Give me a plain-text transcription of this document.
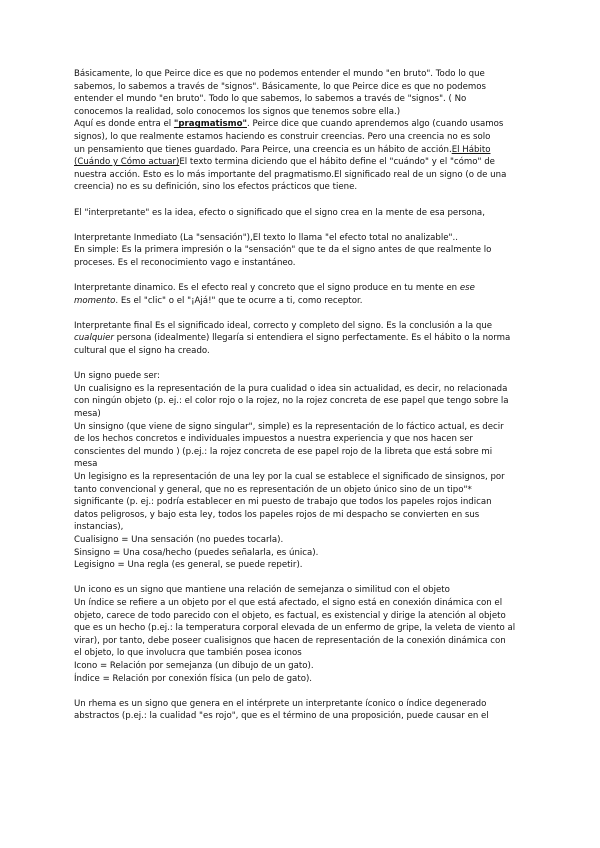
Básicamente, lo que Peirce dice es que no podemos entender el mundo "en bruto". Todo lo que
sabemos, lo sabemos a través de "signos". Básicamente, lo que Peirce dice es que no podemos
entender el mundo "en bruto". Todo lo que sabemos, lo sabemos a través de "signos". ( No
conocemos la realidad, solo conocemos los signos que tenemos sobre ella.)

Aquí es donde entra el "pragmatismo". Peirce dice que cuando aprendemos algo (cuando usamos
signos), lo que realmente estamos haciendo es construir creencias. Pero una creencia no es solo
un pensamiento que tienes guardado. Para Peirce, una creencia es un hábito de acción.El Hábito
(Cuándo y Cómo actuar)El texto termina diciendo que el hábito define el "cuándo" y el "cómo" de
nuestra acción. Esto es lo más importante del pragmatismo.El significado real de un signo (o de una
creencia) no es su definición, sino los efectos prácticos que tiene.

El "interpretante" es la idea, efecto o significado que el signo crea en la mente de esa persona,

Interpretante Inmediato (La "sensación"),El texto lo llama "el efecto total no analizable"..
En simple: Es la primera impresión o la "sensación" que te da el signo antes de que realmente lo
proceses. Es el reconocimiento vago e instantáneo.

Interpretante dinamico. Es el efecto real y concreto que el signo produce en tu mente en ese
momento. Es el "clic" o el "¡Ajá!" que te ocurre a ti, como receptor.

Interpretante final Es el significado ideal, correcto y completo del signo. Es la conclusión a la que
cualquier persona (idealmente) llegaría si entendiera el signo perfectamente. Es el hábito o la norma
cultural que el signo ha creado.

Un signo puede ser:
Un cualisigno es la representación de la pura cualidad o idea sin actualidad, es decir, no relacionada
con ningún objeto (p. ej.: el color rojo o la rojez, no la rojez concreta de ese papel que tengo sobre la
mesa)
Un sinsigno (que viene de signo singular", simple) es la representación de lo fáctico actual, es decir
de los hechos concretos e individuales impuestos a nuestra experiencia y que nos hacen ser
conscientes del mundo ) (p.ej.: la rojez concreta de ese papel rojo de la libreta que está sobre mi
mesa
Un legisigno es la representación de una ley por la cual se establece el significado de sinsignos, por
tanto convencional y general, que no es representación de un objeto único sino de un tipo"*
significante (p. ej.: podría establecer en mi puesto de trabajo que todos los papeles rojos indican
datos peligrosos, y bajo esta ley, todos los papeles rojos de mi despacho se convierten en sus
instancias),
Cualisigno = Una sensación (no puedes tocarla).
Sinsigno = Una cosa/hecho (puedes señalarla, es única).
Legisigno = Una regla (es general, se puede repetir).

Un icono es un signo que mantiene una relación de semejanza o similitud con el objeto
Un índice se refiere a un objeto por el que está afectado, el signo está en conexión dinámica con el
objeto, carece de todo parecido con el objeto, es factual, es existencial y dirige la atención al objeto
que es un hecho (p.ej.: la temperatura corporal elevada de un enfermo de gripe, la veleta de viento al
virar), por tanto, debe poseer cualisignos que hacen de representación de la conexión dinámica con
el objeto, lo que involucra que también posea iconos
Icono = Relación por semejanza (un dibujo de un gato).
Índice = Relación por conexión física (un pelo de gato).

Un rhema es un signo que genera en el intérprete un interpretante íconico o índice degenerado
abstractos (p.ej.: la cualidad "es rojo", que es el término de una proposición, puede causar en el
